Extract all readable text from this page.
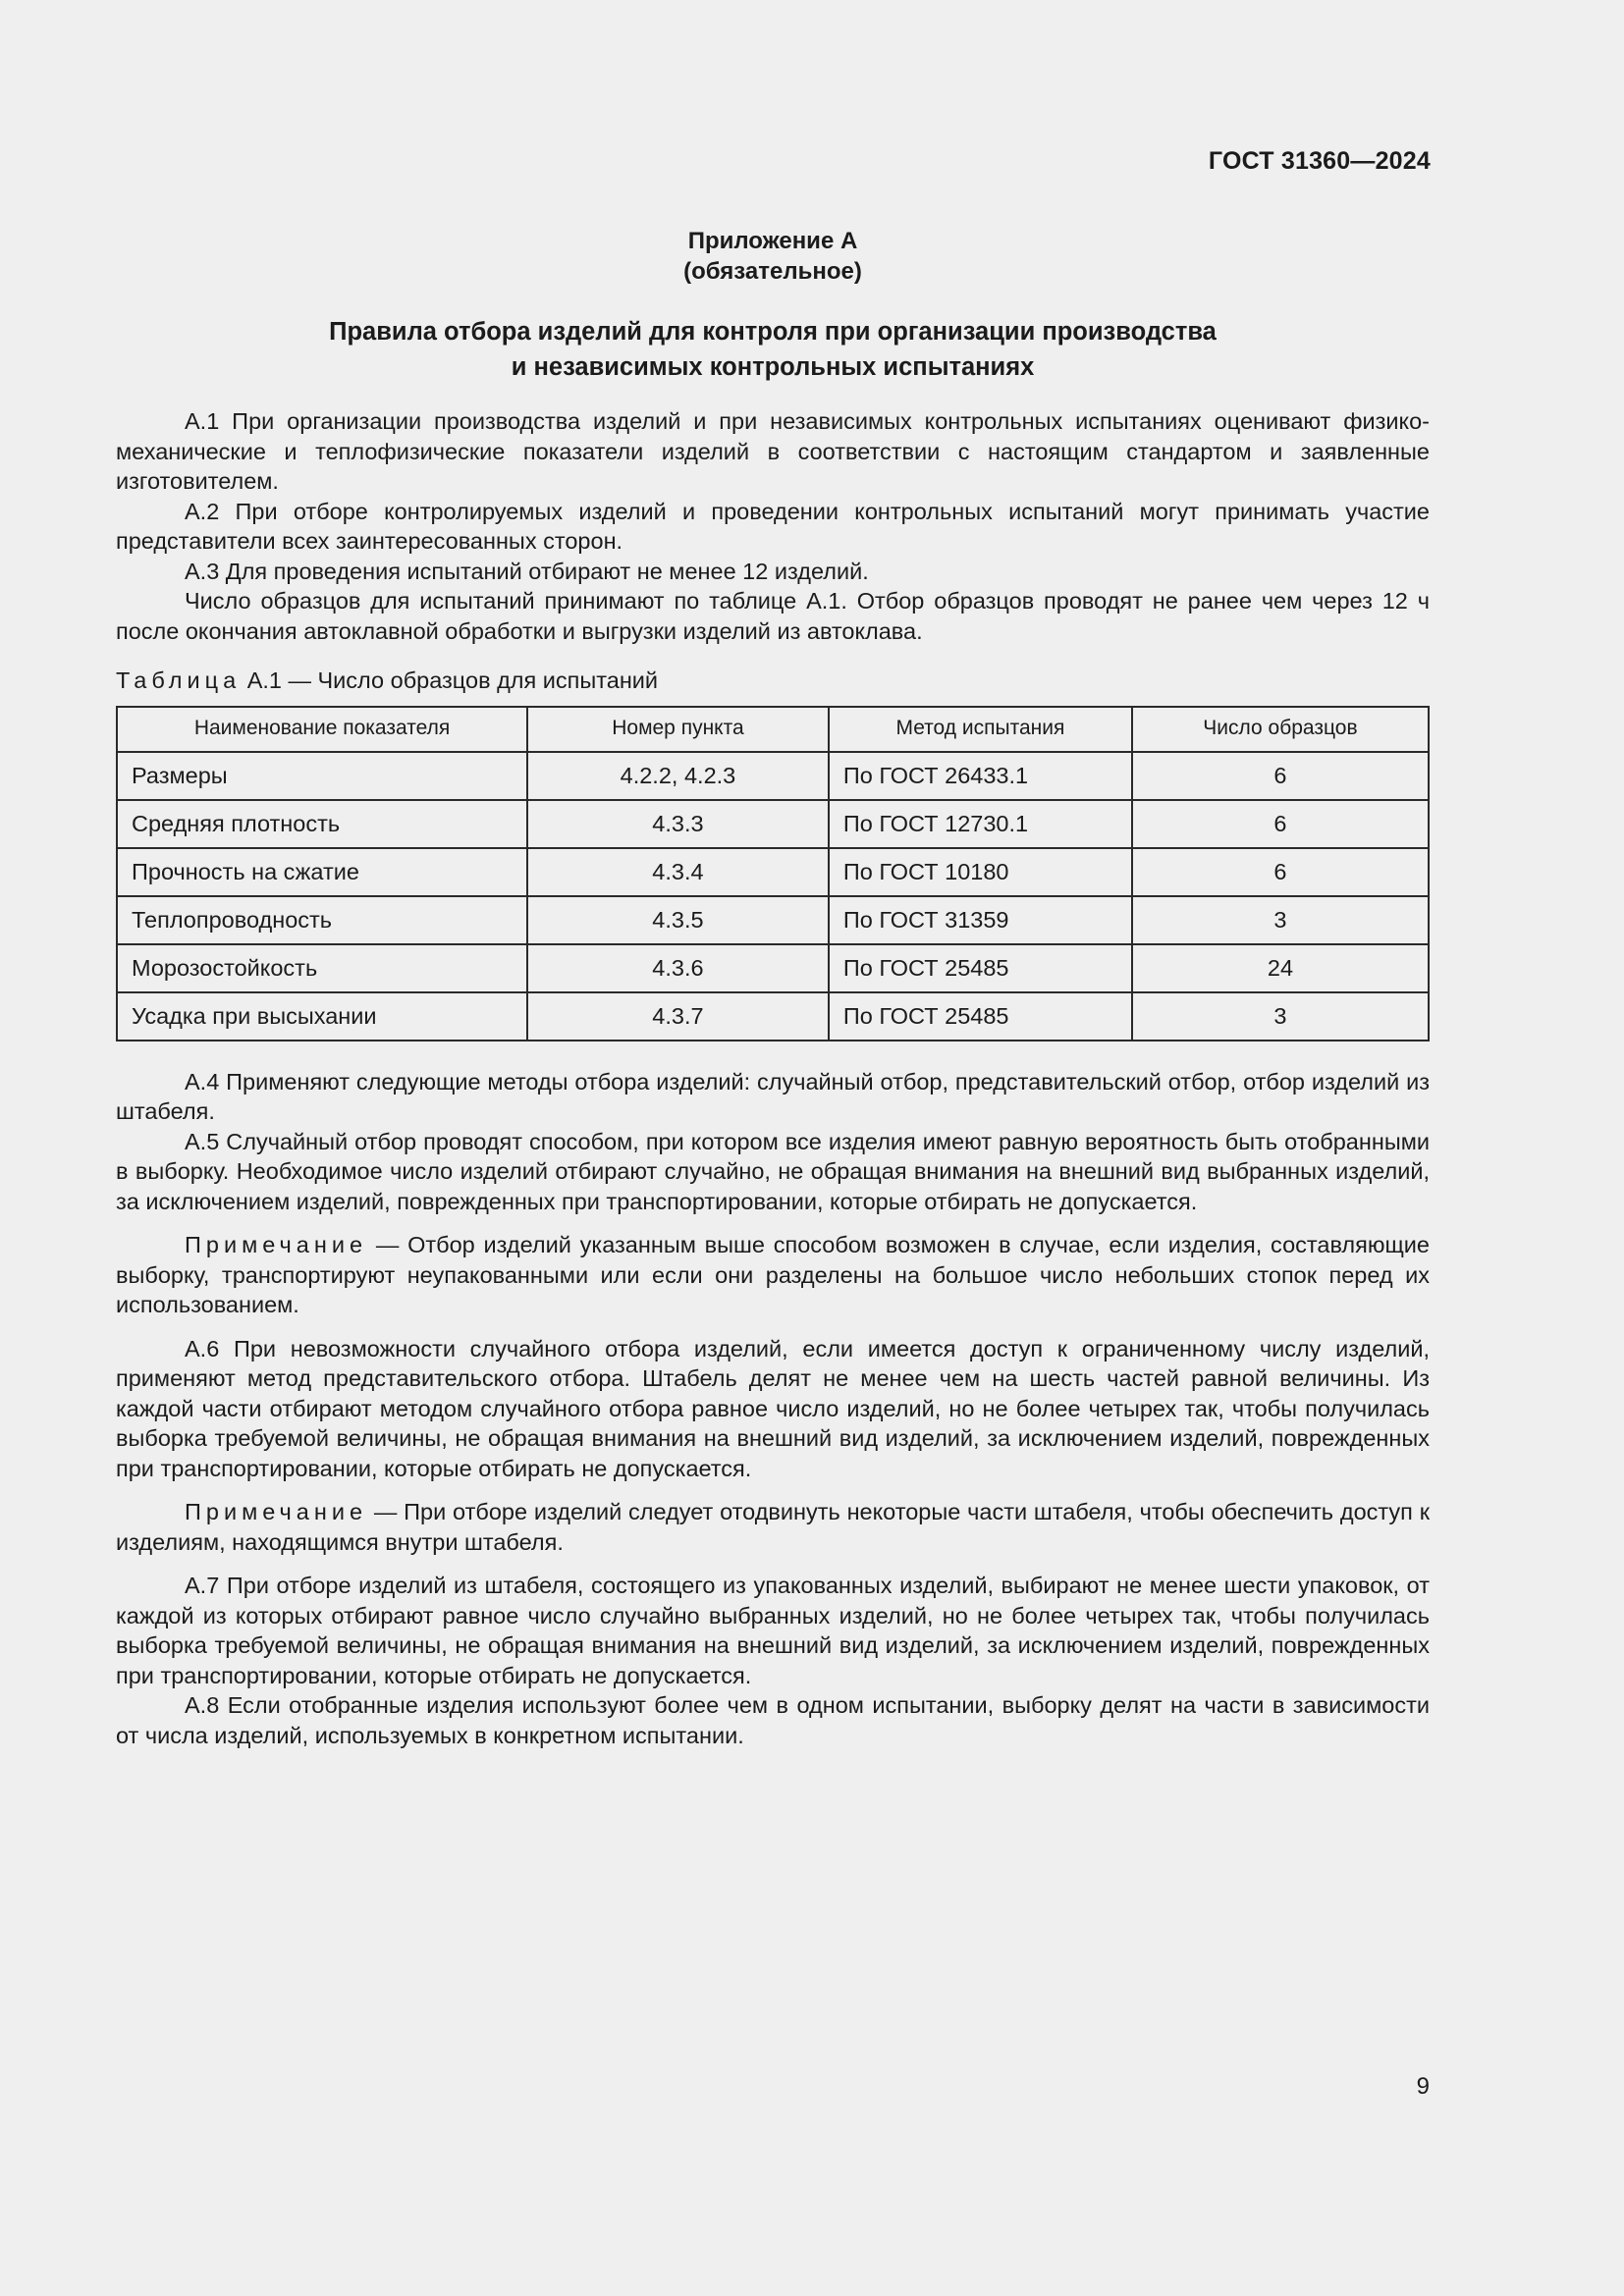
ГОСТ 31360—2024
Приложение А
(обязательное)
Правила отбора изделий для контроля при организации производства
и независимых контрольных испытаниях

А.1 При организации производства изделий и при независимых контрольных испытаниях оценивают физико-механические и теплофизические показатели изделий в соответствии с настоящим стандартом и заявленные изготовителем.

А.2 При отборе контролируемых изделий и проведении контрольных испытаний могут принимать участие представители всех заинтересованных сторон.

А.3 Для проведения испытаний отбирают не менее 12 изделий.

Число образцов для испытаний принимают по таблице А.1. Отбор образцов проводят не ранее чем через 12 ч после окончания автоклавной обработки и выгрузки изделий из автоклава.

Таблица А.1 — Число образцов для испытаний
Наименование показателя	Номер пункта	Метод испытания	Число образцов
Размеры	4.2.2, 4.2.3	По ГОСТ 26433.1	6
Средняя плотность	4.3.3	По ГОСТ 12730.1	6
Прочность на сжатие	4.3.4	По ГОСТ 10180	6
Теплопроводность	4.3.5	По ГОСТ 31359	3
Морозостойкость	4.3.6	По ГОСТ 25485	24
Усадка при высыхании	4.3.7	По ГОСТ 25485	3

А.4 Применяют следующие методы отбора изделий: случайный отбор, представительский отбор, отбор изделий из штабеля.

А.5 Случайный отбор проводят способом, при котором все изделия имеют равную вероятность быть отобранными в выборку. Необходимое число изделий отбирают случайно, не обращая внимания на внешний вид выбранных изделий, за исключением изделий, поврежденных при транспортировании, которые отбирать не допускается.

Примечание — Отбор изделий указанным выше способом возможен в случае, если изделия, составляющие выборку, транспортируют неупакованными или если они разделены на большое число небольших стопок перед их использованием.

А.6 При невозможности случайного отбора изделий, если имеется доступ к ограниченному числу изделий, применяют метод представительского отбора. Штабель делят не менее чем на шесть частей равной величины. Из каждой части отбирают методом случайного отбора равное число изделий, но не более четырех так, чтобы получилась выборка требуемой величины, не обращая внимания на внешний вид изделий, за исключением изделий, поврежденных при транспортировании, которые отбирать не допускается.

Примечание — При отборе изделий следует отодвинуть некоторые части штабеля, чтобы обеспечить доступ к изделиям, находящимся внутри штабеля.

А.7 При отборе изделий из штабеля, состоящего из упакованных изделий, выбирают не менее шести упаковок, от каждой из которых отбирают равное число случайно выбранных изделий, но не более четырех так, чтобы получилась выборка требуемой величины, не обращая внимания на внешний вид изделий, за исключением изделий, поврежденных при транспортировании, которые отбирать не допускается.

А.8 Если отобранные изделия используют более чем в одном испытании, выборку делят на части в зависимости от числа изделий, используемых в конкретном испытании.

9
